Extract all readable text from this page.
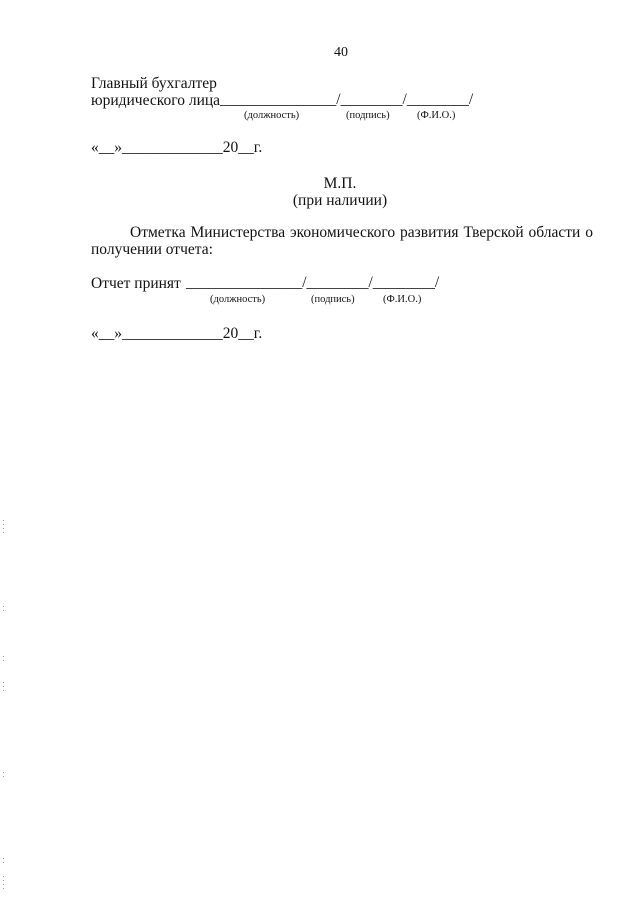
40
Главный бухгалтер
юридического лица _______________/________/________/
(должность)	(подпись)	(Ф.И.О.)
«__»_____________20__г.
М.П.
(при наличии)
Отметка Министерства экономического развития Тверской области о
получении отчета:
Отчет принят _______________/________/________/
(должность)	(подпись)	(Ф.И.О.)
«__»_____________20__г.
